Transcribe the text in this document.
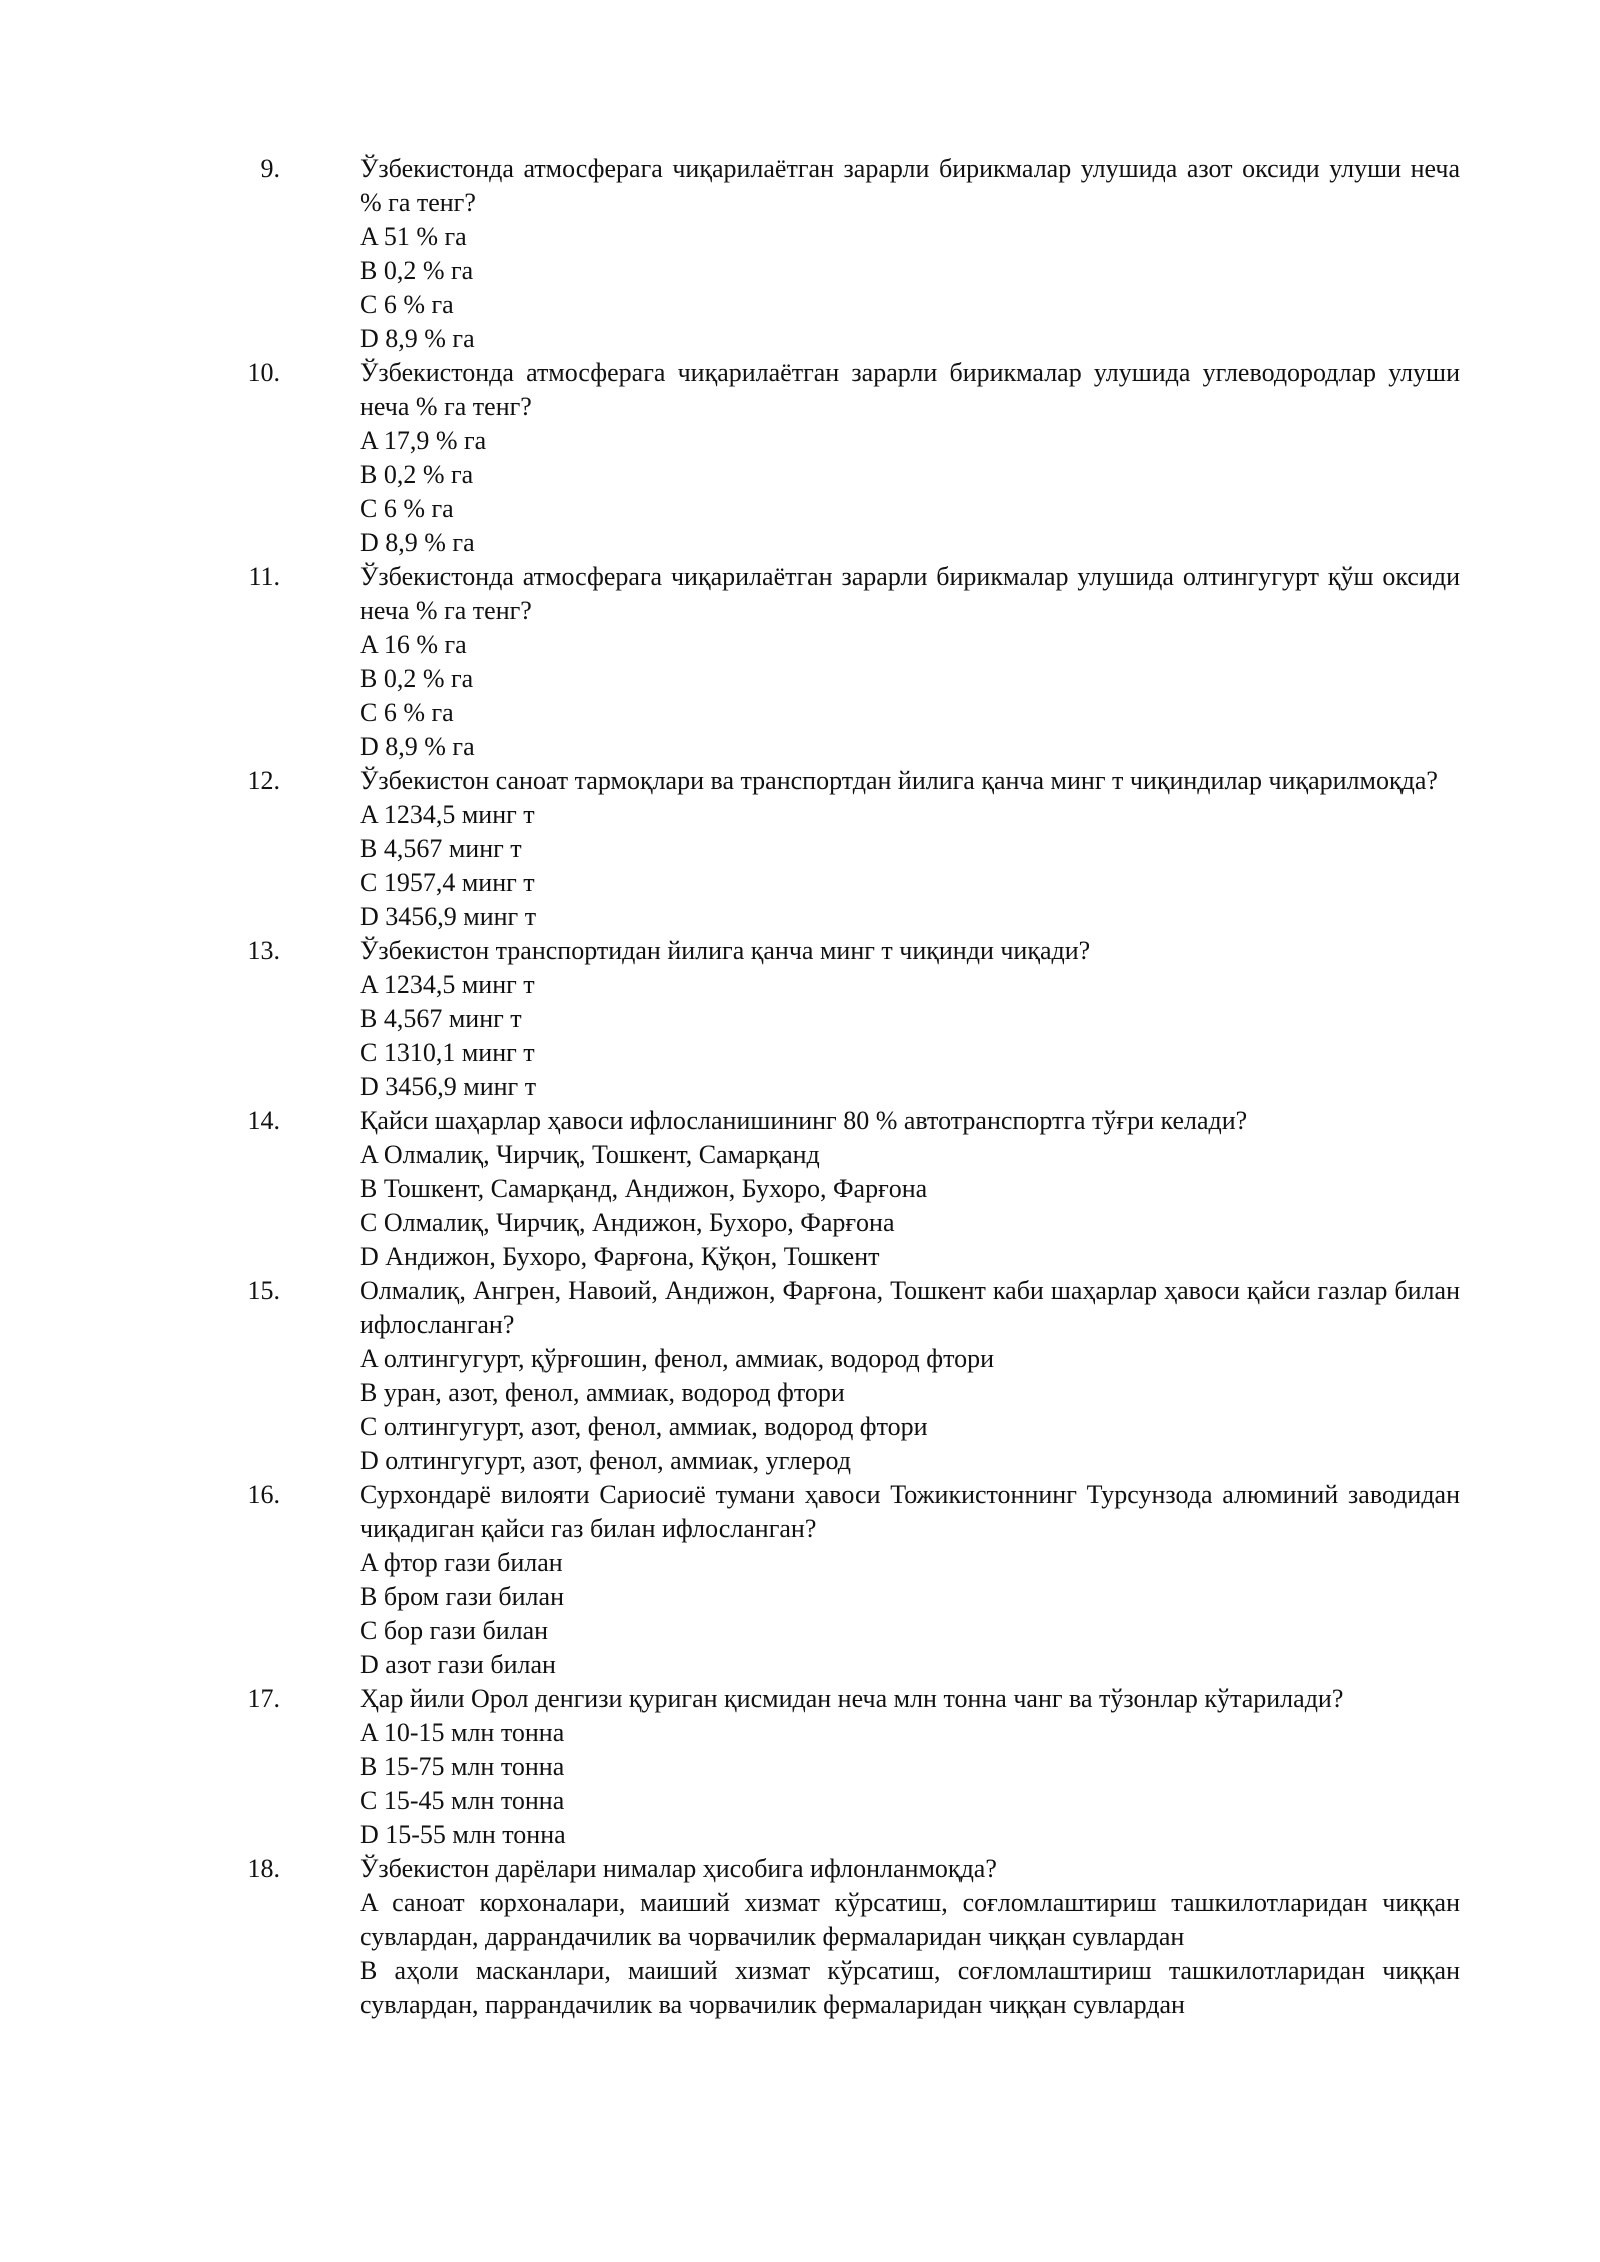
9.	Ўзбекистонда атмосферага чиқарилаётган зарарли бирикмалар улушида азот оксиди улуши неча % га тенг?
A 51 % га
B 0,2 % га
C 6 % га
D 8,9 % га
10.	Ўзбекистонда атмосферага чиқарилаётган зарарли бирикмалар улушида углеводородлар улуши неча % га тенг?
A 17,9 % га
B 0,2 % га
C 6 % га
D 8,9 % га
11.	Ўзбекистонда атмосферага чиқарилаётган зарарли бирикмалар улушида олтингугурт қўш оксиди неча % га тенг?
A 16 % га
B 0,2 % га
C 6 % га
D 8,9 % га
12.	Ўзбекистон саноат тармоқлари ва транспортдан йилига қанча минг т чиқиндилар чиқарилмоқда?
A 1234,5 минг т
B 4,567 минг т
C 1957,4 минг т
D 3456,9 минг т
13.	Ўзбекистон транспортидан йилига қанча минг т чиқинди чиқади?
A 1234,5 минг т
B 4,567 минг т
C 1310,1 минг т
D 3456,9 минг т
14.	Қайси шаҳарлар ҳавоси ифлосланишининг 80 % автотранспортга тўғри келади?
A Олмалиқ, Чирчиқ, Тошкент, Самарқанд
B Тошкент, Самарқанд, Андижон, Бухоро, Фарғона
C Олмалиқ, Чирчиқ, Андижон, Бухоро, Фарғона
D Андижон, Бухоро, Фарғона, Қўқон, Тошкент
15.	Олмалиқ, Ангрен, Навоий, Андижон, Фарғона, Тошкент каби шаҳарлар ҳавоси қайси газлар билан ифлосланган?
A олтингугурт, қўрғошин, фенол, аммиак, водород фтори
B уран, азот, фенол, аммиак, водород фтори
C олтингугурт, азот, фенол, аммиак, водород фтори
D олтингугурт, азот, фенол, аммиак, углерод
16.	Сурхондарё вилояти Сариосиё тумани ҳавоси Тожикистоннинг Турсунзода алюминий заводидан чиқадиган қайси газ билан ифлосланган?
A фтор гази билан
B бром гази билан
C бор гази билан
D азот гази билан
17.	Ҳар йили Орол денгизи қуриган қисмидан неча млн тонна чанг ва тўзонлар кўтарилади?
A 10-15 млн тонна
B 15-75 млн тонна
C 15-45 млн тонна
D 15-55 млн тонна
18.	Ўзбекистон дарёлари нималар ҳисобига ифлонланмоқда?
A саноат корхоналари, маиший хизмат кўрсатиш, соғломлаштириш ташкилотларидан чиққан сувлардан, даррандачилик ва чорвачилик фермаларидан чиққан сувлардан
B аҳоли масканлари, маиший хизмат кўрсатиш, соғломлаштириш ташкилотларидан чиққан сувлардан, паррандачилик ва чорвачилик фермаларидан чиққан сувлардан
